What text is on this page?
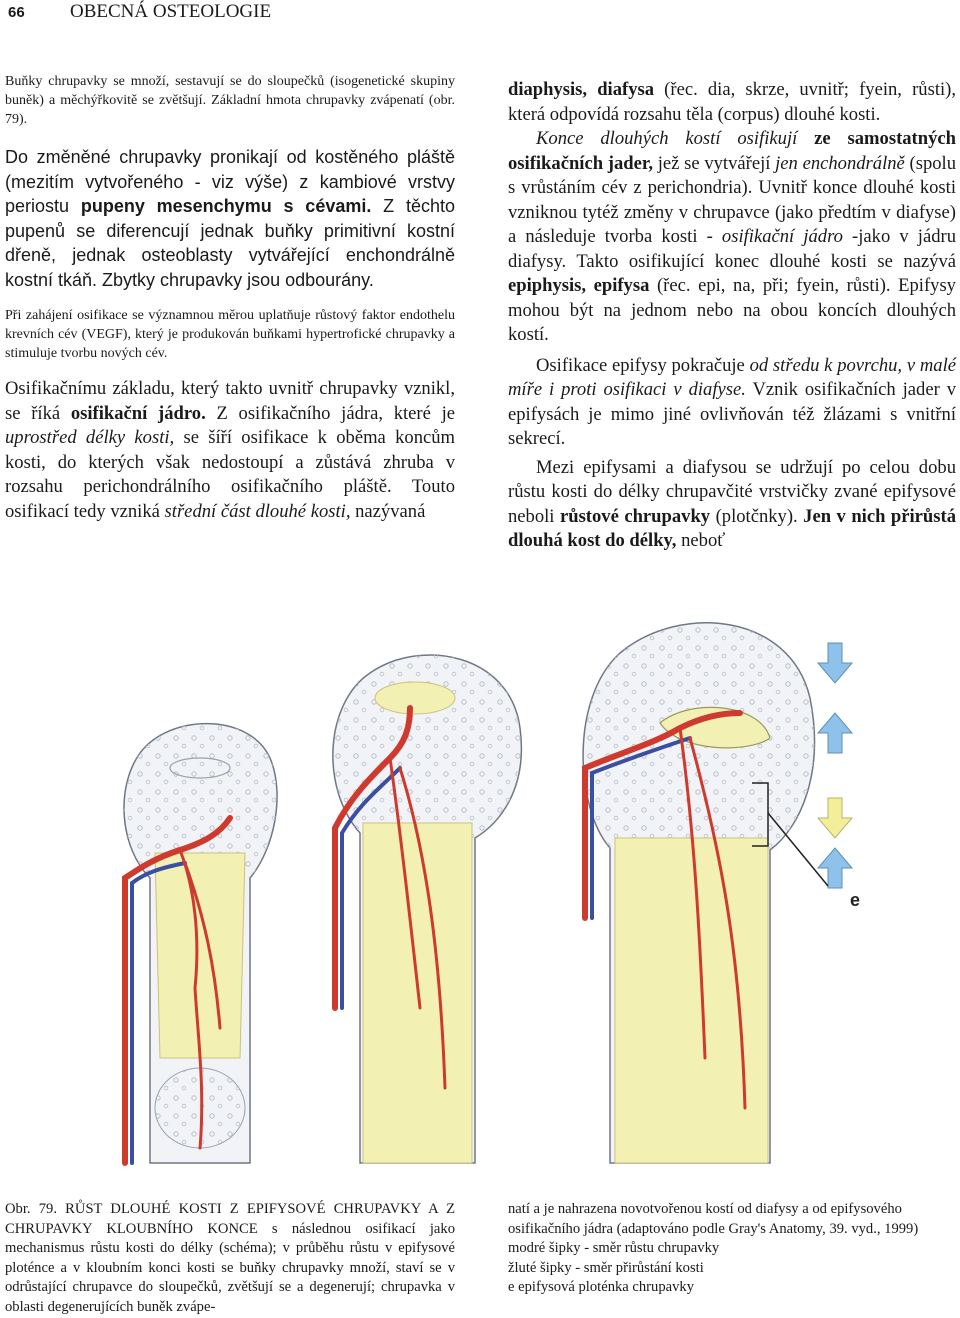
66 OBECNÁ OSTEOLOGIE

Buňky chrupavky se množí, sestavují se do sloupečků (isogenetické skupiny buněk) a měchýřkovitě se zvětšují. Základní hmota chrupavky zvápenatí (obr. 79).

Do změněné chrupavky pronikají od kostěného pláště (mezitím vytvořeného - viz výše) z kambiové vrstvy periostu pupeny mesenchymu s cévami. Z těchto pupenů se diferencují jednak buňky primitivní kostní dřeně, jednak osteoblasty vytvářející enchondrálně kostní tkáň. Zbytky chrupavky jsou odbourány.

Při zahájení osifikace se významnou měrou uplatňuje růstový faktor endothelu krevních cév (VEGF), který je produkován buňkami hypertrofické chrupavky a stimuluje tvorbu nových cév.

Osifikačnímu základu, který takto uvnitř chrupavky vznikl, se říká osifikační jádro. Z osifikačního jádra, které je uprostřed délky kosti, se šíří osifikace k oběma koncům kosti, do kterých však nedostoupí a zůstává zhruba v rozsahu perichondrálního osifikačního pláště. Touto osifikací tedy vzniká střední část dlouhé kosti, nazývaná

diaphysis, diafysa (řec. dia, skrze, uvnitř; fyein, růsti), která odpovídá rozsahu těla (corpus) dlouhé kosti.

Konce dlouhých kostí osifikují ze samostatných osifikačních jader, jež se vytvářejí jen enchondrálně (spolu s vrůstáním cév z perichondria). Uvnitř konce dlouhé kosti vzniknou tytéž změny v chrupavce (jako předtím v diafyse) a následuje tvorba kosti - osifikační jádro -jako v jádru diafysy. Takto osifikující konec dlouhé kosti se nazývá epiphysis, epifysa (řec. epi, na, při; fyein, růsti). Epifysy mohou být na jednom nebo na obou koncích dlouhých kostí.

Osifikace epifysy pokračuje od středu k povrchu, v malé míře i proti osifikaci v diafyse. Vznik osifikačních jader v epifysách je mimo jiné ovlivňován též žlázami s vnitřní sekrecí.

Mezi epifysami a diafysou se udržují po celou dobu růstu kosti do délky chrupavčité vrstvičky zvané epifysové neboli růstové chrupavky (plotčnky). Jen v nich přirůstá dlouhá kost do délky, neboť

e
Obr. 79. RŮST DLOUHÉ KOSTI Z EPIFYSOVÉ CHRUPAVKY A Z CHRUPAVKY KLOUBNÍHO KONCE s následnou osifikací jako mechanismus růstu kosti do délky (schéma); v průběhu růstu v epifysové ploténce a v kloubním konci kosti se buňky chrupavky množí, staví se v odrůstající chrupavce do sloupečků, zvětšují se a degenerují; chrupavka v oblasti degenerujících buněk zvápe-
natí a je nahrazena novotvořenou kostí od diafysy a od epifysového osifikačního jádra (adaptováno podle Gray's Anatomy, 39. vyd., 1999)
modré šipky - směr růstu chrupavky
žluté šipky - směr přirůstání kosti
e epifysová ploténka chrupavky
